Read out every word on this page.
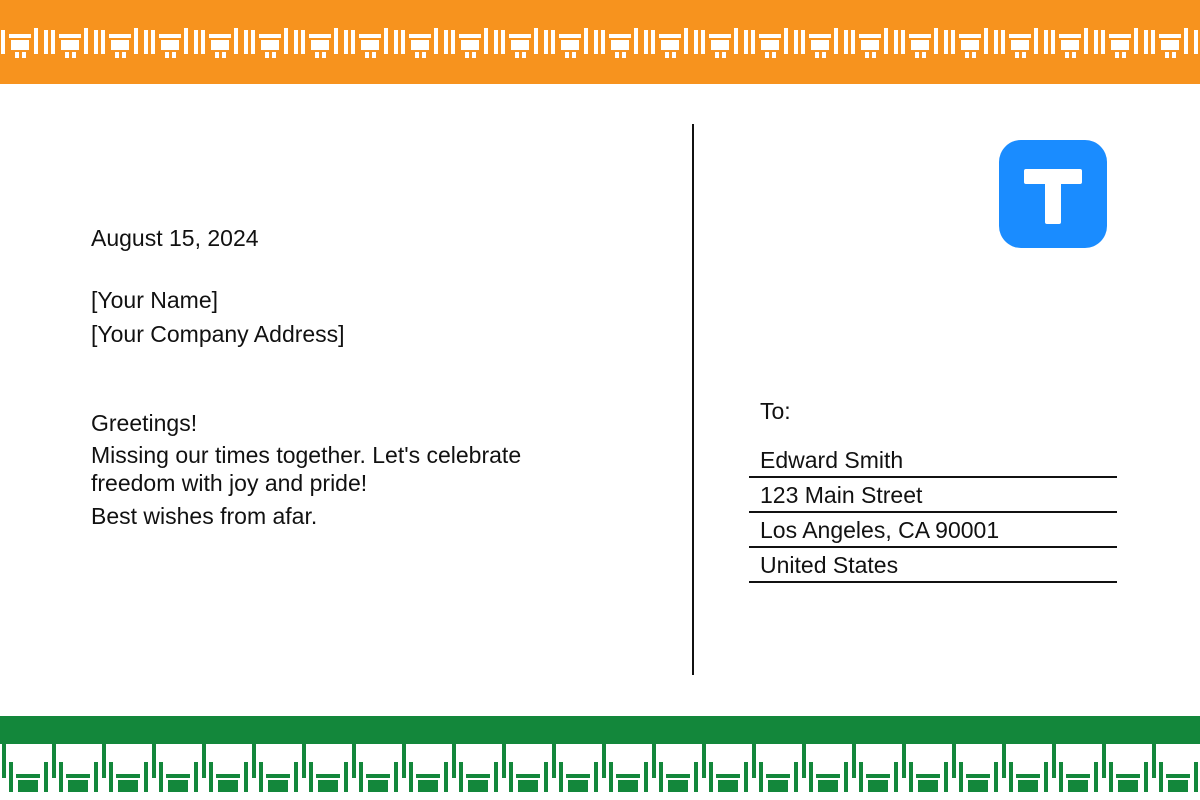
August 15, 2024
[Your Name]
[Your Company Address]
Greetings!
Missing our times together. Let's celebrate freedom with joy and pride!
Best wishes from afar.
To:
Edward Smith
123 Main Street
Los Angeles, CA 90001
United States
